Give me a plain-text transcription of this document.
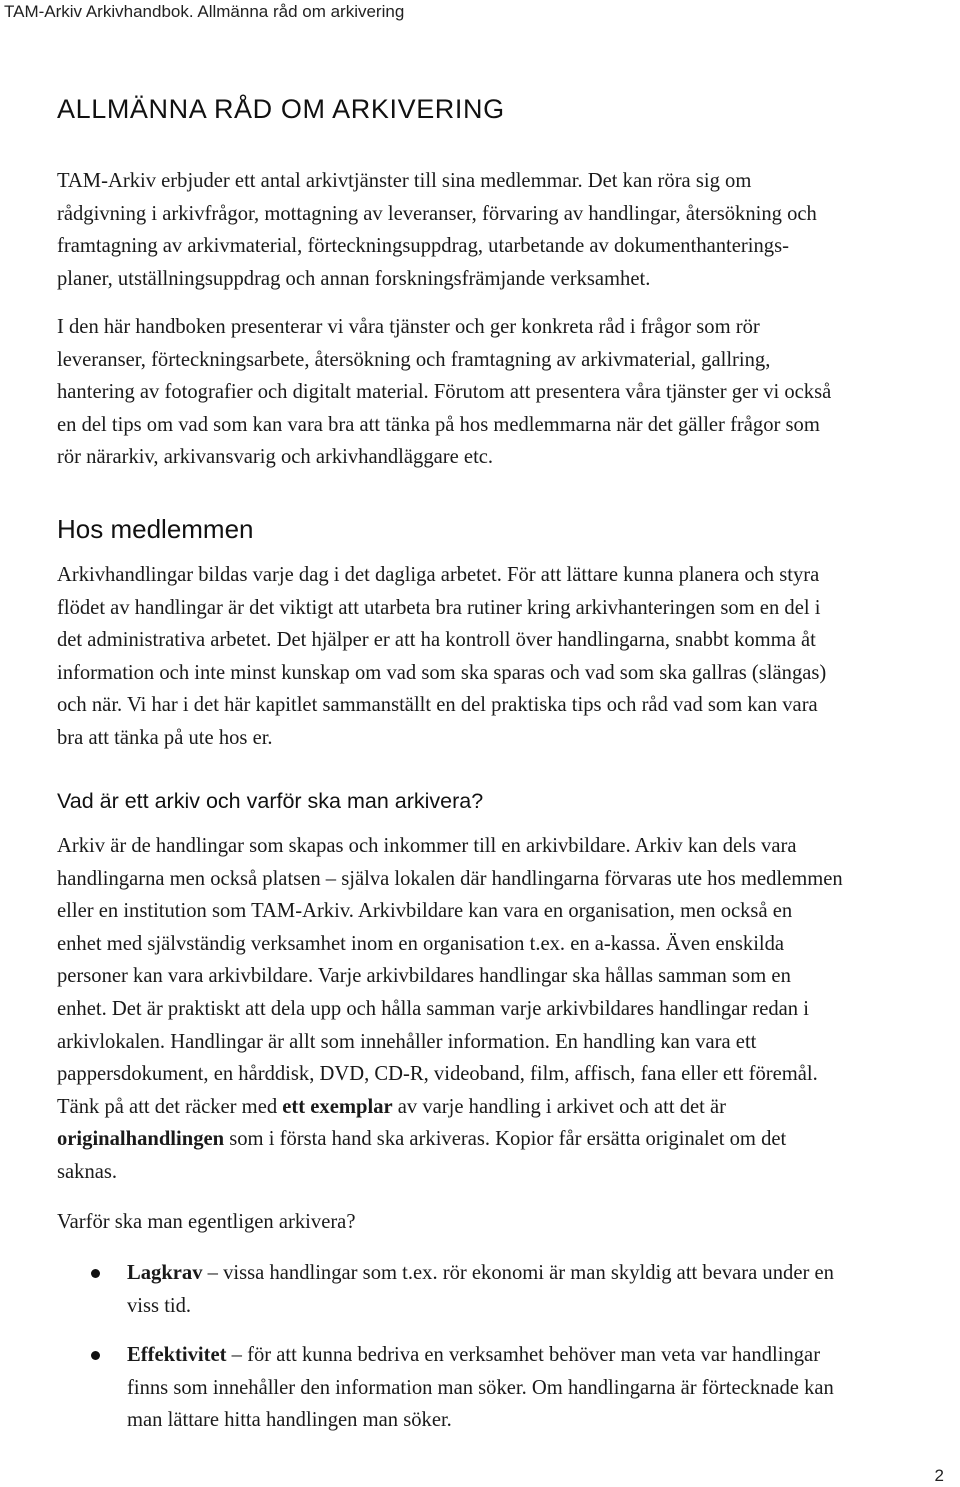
TAM-Arkiv Arkivhandbok. Allmänna råd om arkivering
ALLMÄNNA RÅD OM ARKIVERING
TAM-Arkiv erbjuder ett antal arkivtjänster till sina medlemmar. Det kan röra sig om
rådgivning i arkivfrågor, mottagning av leveranser, förvaring av handlingar, återsökning och
framtagning av arkivmaterial, förteckningsuppdrag, utarbetande av dokumenthanterings-
planer, utställningsuppdrag och annan forskningsfrämjande verksamhet.
I den här handboken presenterar vi våra tjänster och ger konkreta råd i frågor som rör
leveranser, förteckningsarbete, återsökning och framtagning av arkivmaterial, gallring,
hantering av fotografier och digitalt material. Förutom att presentera våra tjänster ger vi också
en del tips om vad som kan vara bra att tänka på hos medlemmarna när det gäller frågor som
rör närarkiv, arkivansvarig och arkivhandläggare etc.
Hos medlemmen
Arkivhandlingar bildas varje dag i det dagliga arbetet. För att lättare kunna planera och styra
flödet av handlingar är det viktigt att utarbeta bra rutiner kring arkivhanteringen som en del i
det administrativa arbetet. Det hjälper er att ha kontroll över handlingarna, snabbt komma åt
information och inte minst kunskap om vad som ska sparas och vad som ska gallras (slängas)
och när. Vi har i det här kapitlet sammanställt en del praktiska tips och råd vad som kan vara
bra att tänka på ute hos er.
Vad är ett arkiv och varför ska man arkivera?
Arkiv är de handlingar som skapas och inkommer till en arkivbildare. Arkiv kan dels vara
handlingarna men också platsen – själva lokalen där handlingarna förvaras ute hos medlemmen
eller en institution som TAM-Arkiv. Arkivbildare kan vara en organisation, men också en
enhet med självständig verksamhet inom en organisation t.ex. en a-kassa. Även enskilda
personer kan vara arkivbildare. Varje arkivbildares handlingar ska hållas samman som en
enhet. Det är praktiskt att dela upp och hålla samman varje arkivbildares handlingar redan i
arkivlokalen. Handlingar är allt som innehåller information. En handling kan vara ett
pappersdokument, en hårddisk, DVD, CD-R, videoband, film, affisch, fana eller ett föremål.
Tänk på att det räcker med ett exemplar av varje handling i arkivet och att det är
originalhandlingen som i första hand ska arkiveras. Kopior får ersätta originalet om det
saknas.
Varför ska man egentligen arkivera?
Lagkrav – vissa handlingar som t.ex. rör ekonomi är man skyldig att bevara under en
viss tid.
Effektivitet – för att kunna bedriva en verksamhet behöver man veta var handlingar
finns som innehåller den information man söker. Om handlingarna är förtecknade kan
man lättare hitta handlingen man söker.
2
